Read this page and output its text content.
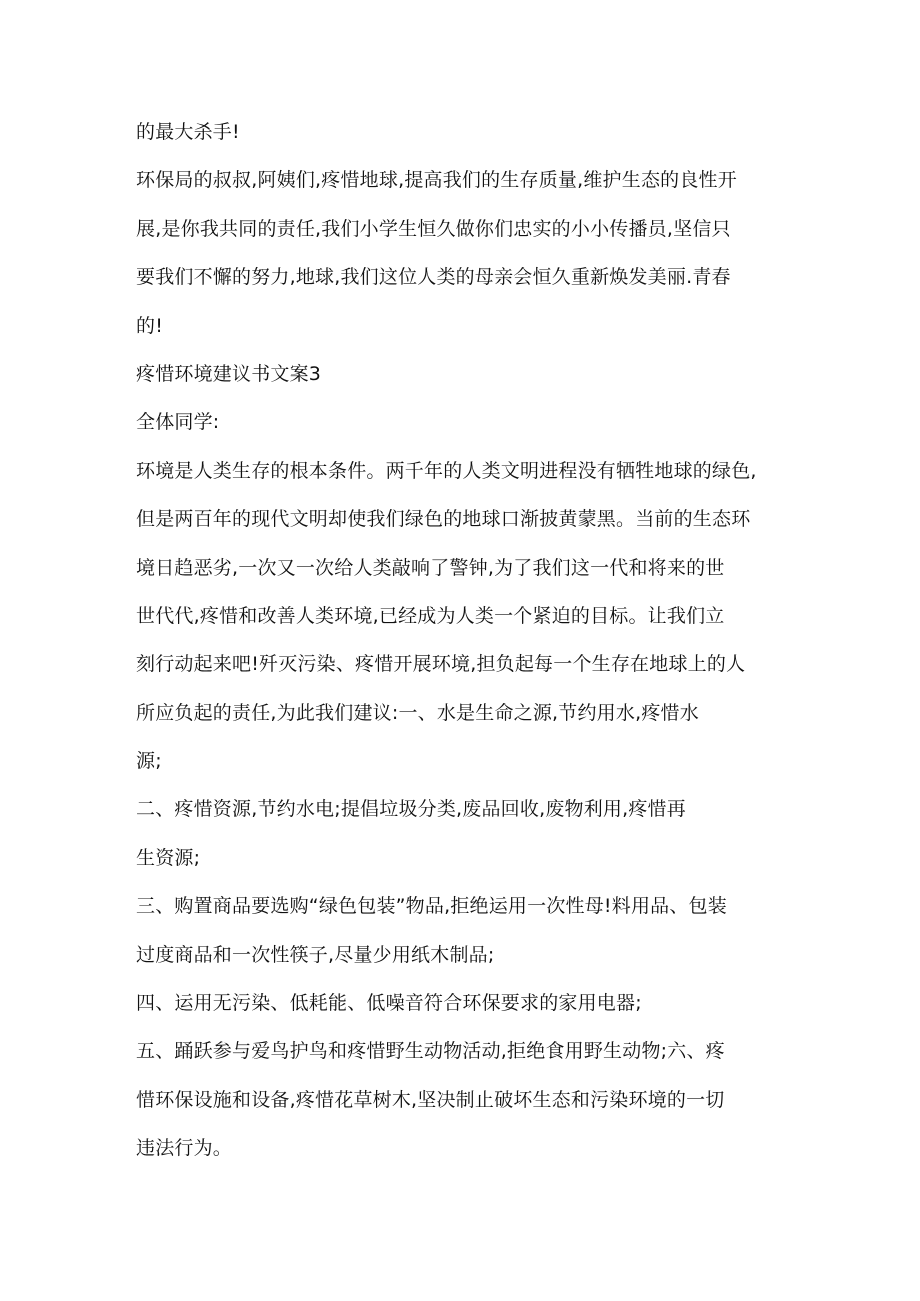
的最大杀手!
环保局的叔叔,阿姨们,疼惜地球,提高我们的生存质量,维护生态的良性开
展,是你我共同的责任,我们小学生恒久做你们忠实的小小传播员,坚信只
要我们不懈的努力,地球,我们这位人类的母亲会恒久重新焕发美丽.青春
的!
疼惜环境建议书文案3
全体同学:
环境是人类生存的根本条件。两千年的人类文明进程没有牺牲地球的绿色,
但是两百年的现代文明却使我们绿色的地球口渐披黄蒙黑。当前的生态环
境日趋恶劣,一次又一次给人类敲响了警钟,为了我们这一代和将来的世
世代代,疼惜和改善人类环境,已经成为人类一个紧迫的目标。让我们立
刻行动起来吧!歼灭污染、疼惜开展环境,担负起每一个生存在地球上的人
所应负起的责任,为此我们建议:一、水是生命之源,节约用水,疼惜水
源;
二、疼惜资源,节约水电;提倡垃圾分类,废品回收,废物利用,疼惜再
生资源;
三、购置商品要选购“绿色包装”物品,拒绝运用一次性母!料用品、包装
过度商品和一次性筷子,尽量少用纸木制品;
四、运用无污染、低耗能、低噪音符合环保要求的家用电器;
五、踊跃参与爱鸟护鸟和疼惜野生动物活动,拒绝食用野生动物;六、疼
惜环保设施和设备,疼惜花草树木,坚决制止破坏生态和污染环境的一切
违法行为。
